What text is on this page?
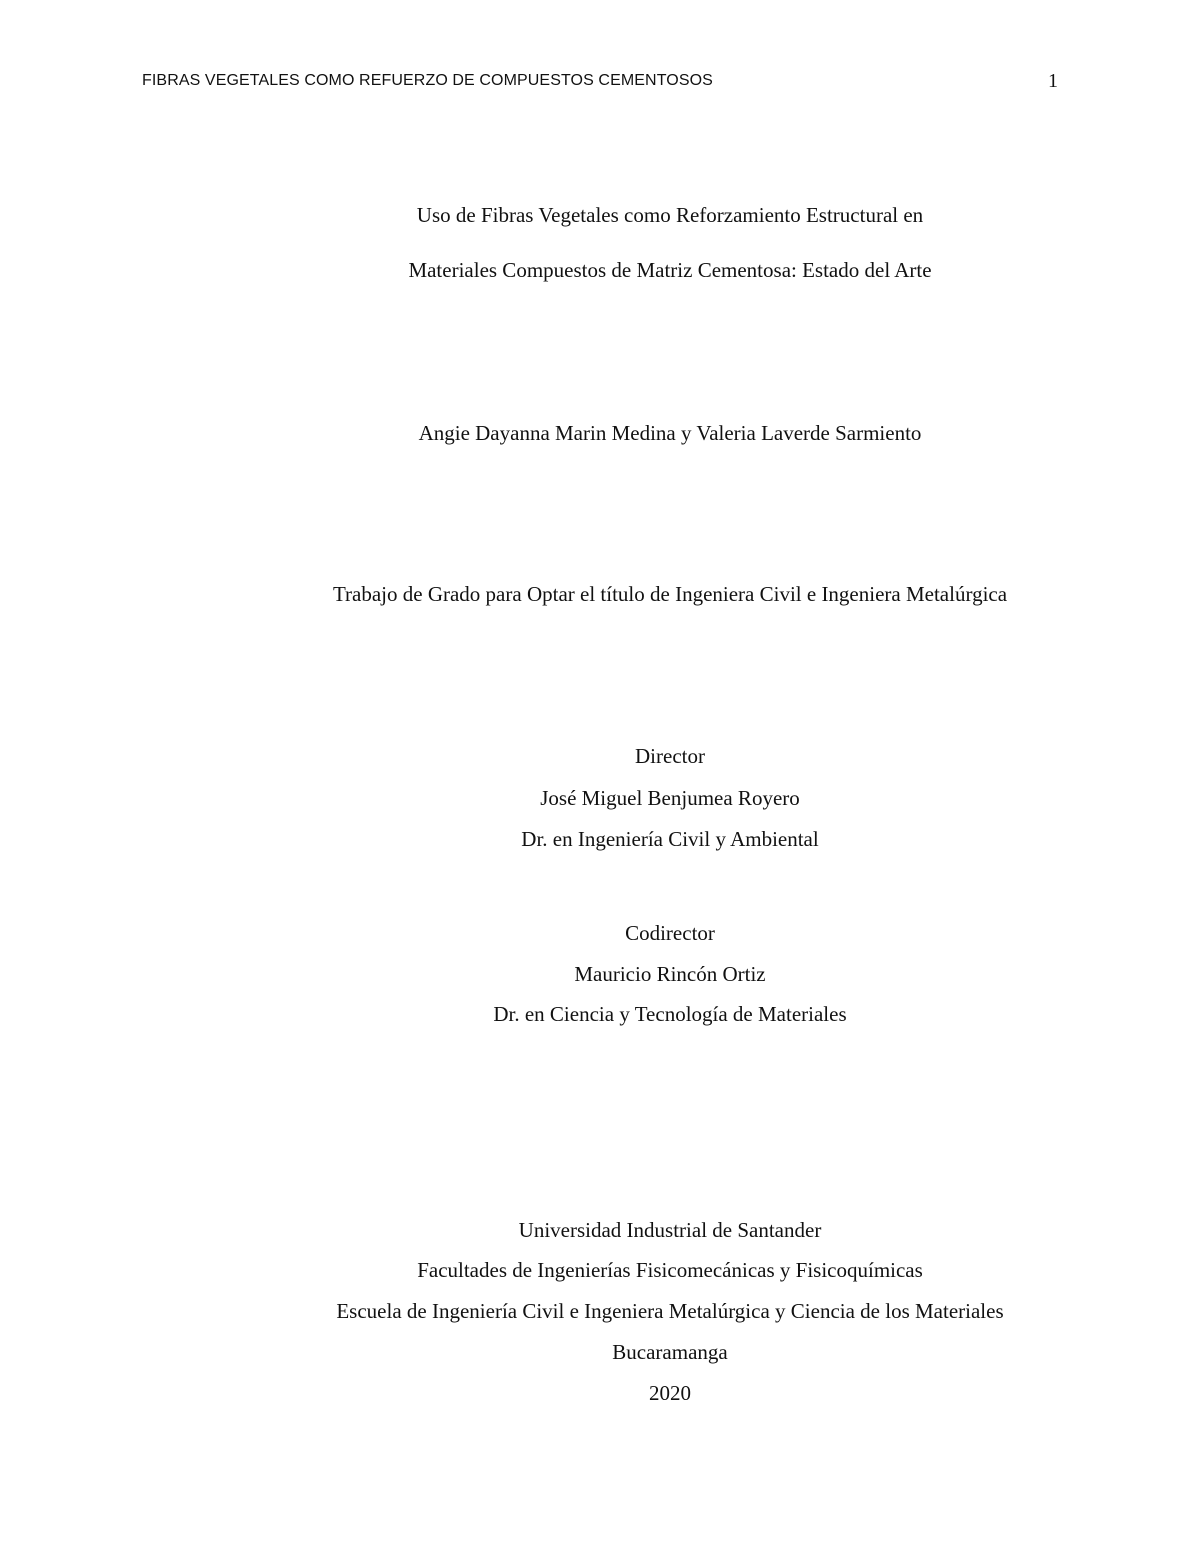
FIBRAS VEGETALES COMO REFUERZO DE COMPUESTOS CEMENTOSOS	1
Uso de Fibras Vegetales como Reforzamiento Estructural en
Materiales Compuestos de Matriz Cementosa: Estado del Arte
Angie Dayanna Marin Medina y Valeria Laverde Sarmiento
Trabajo de Grado para Optar el título de Ingeniera Civil e Ingeniera Metalúrgica
Director
José Miguel Benjumea Royero
Dr. en Ingeniería Civil y Ambiental
Codirector
Mauricio Rincón Ortiz
Dr. en Ciencia y Tecnología de Materiales
Universidad Industrial de Santander
Facultades de Ingenierías Fisicomecánicas y Fisicoquímicas
Escuela de Ingeniería Civil e Ingeniera Metalúrgica y Ciencia de los Materiales
Bucaramanga
2020
